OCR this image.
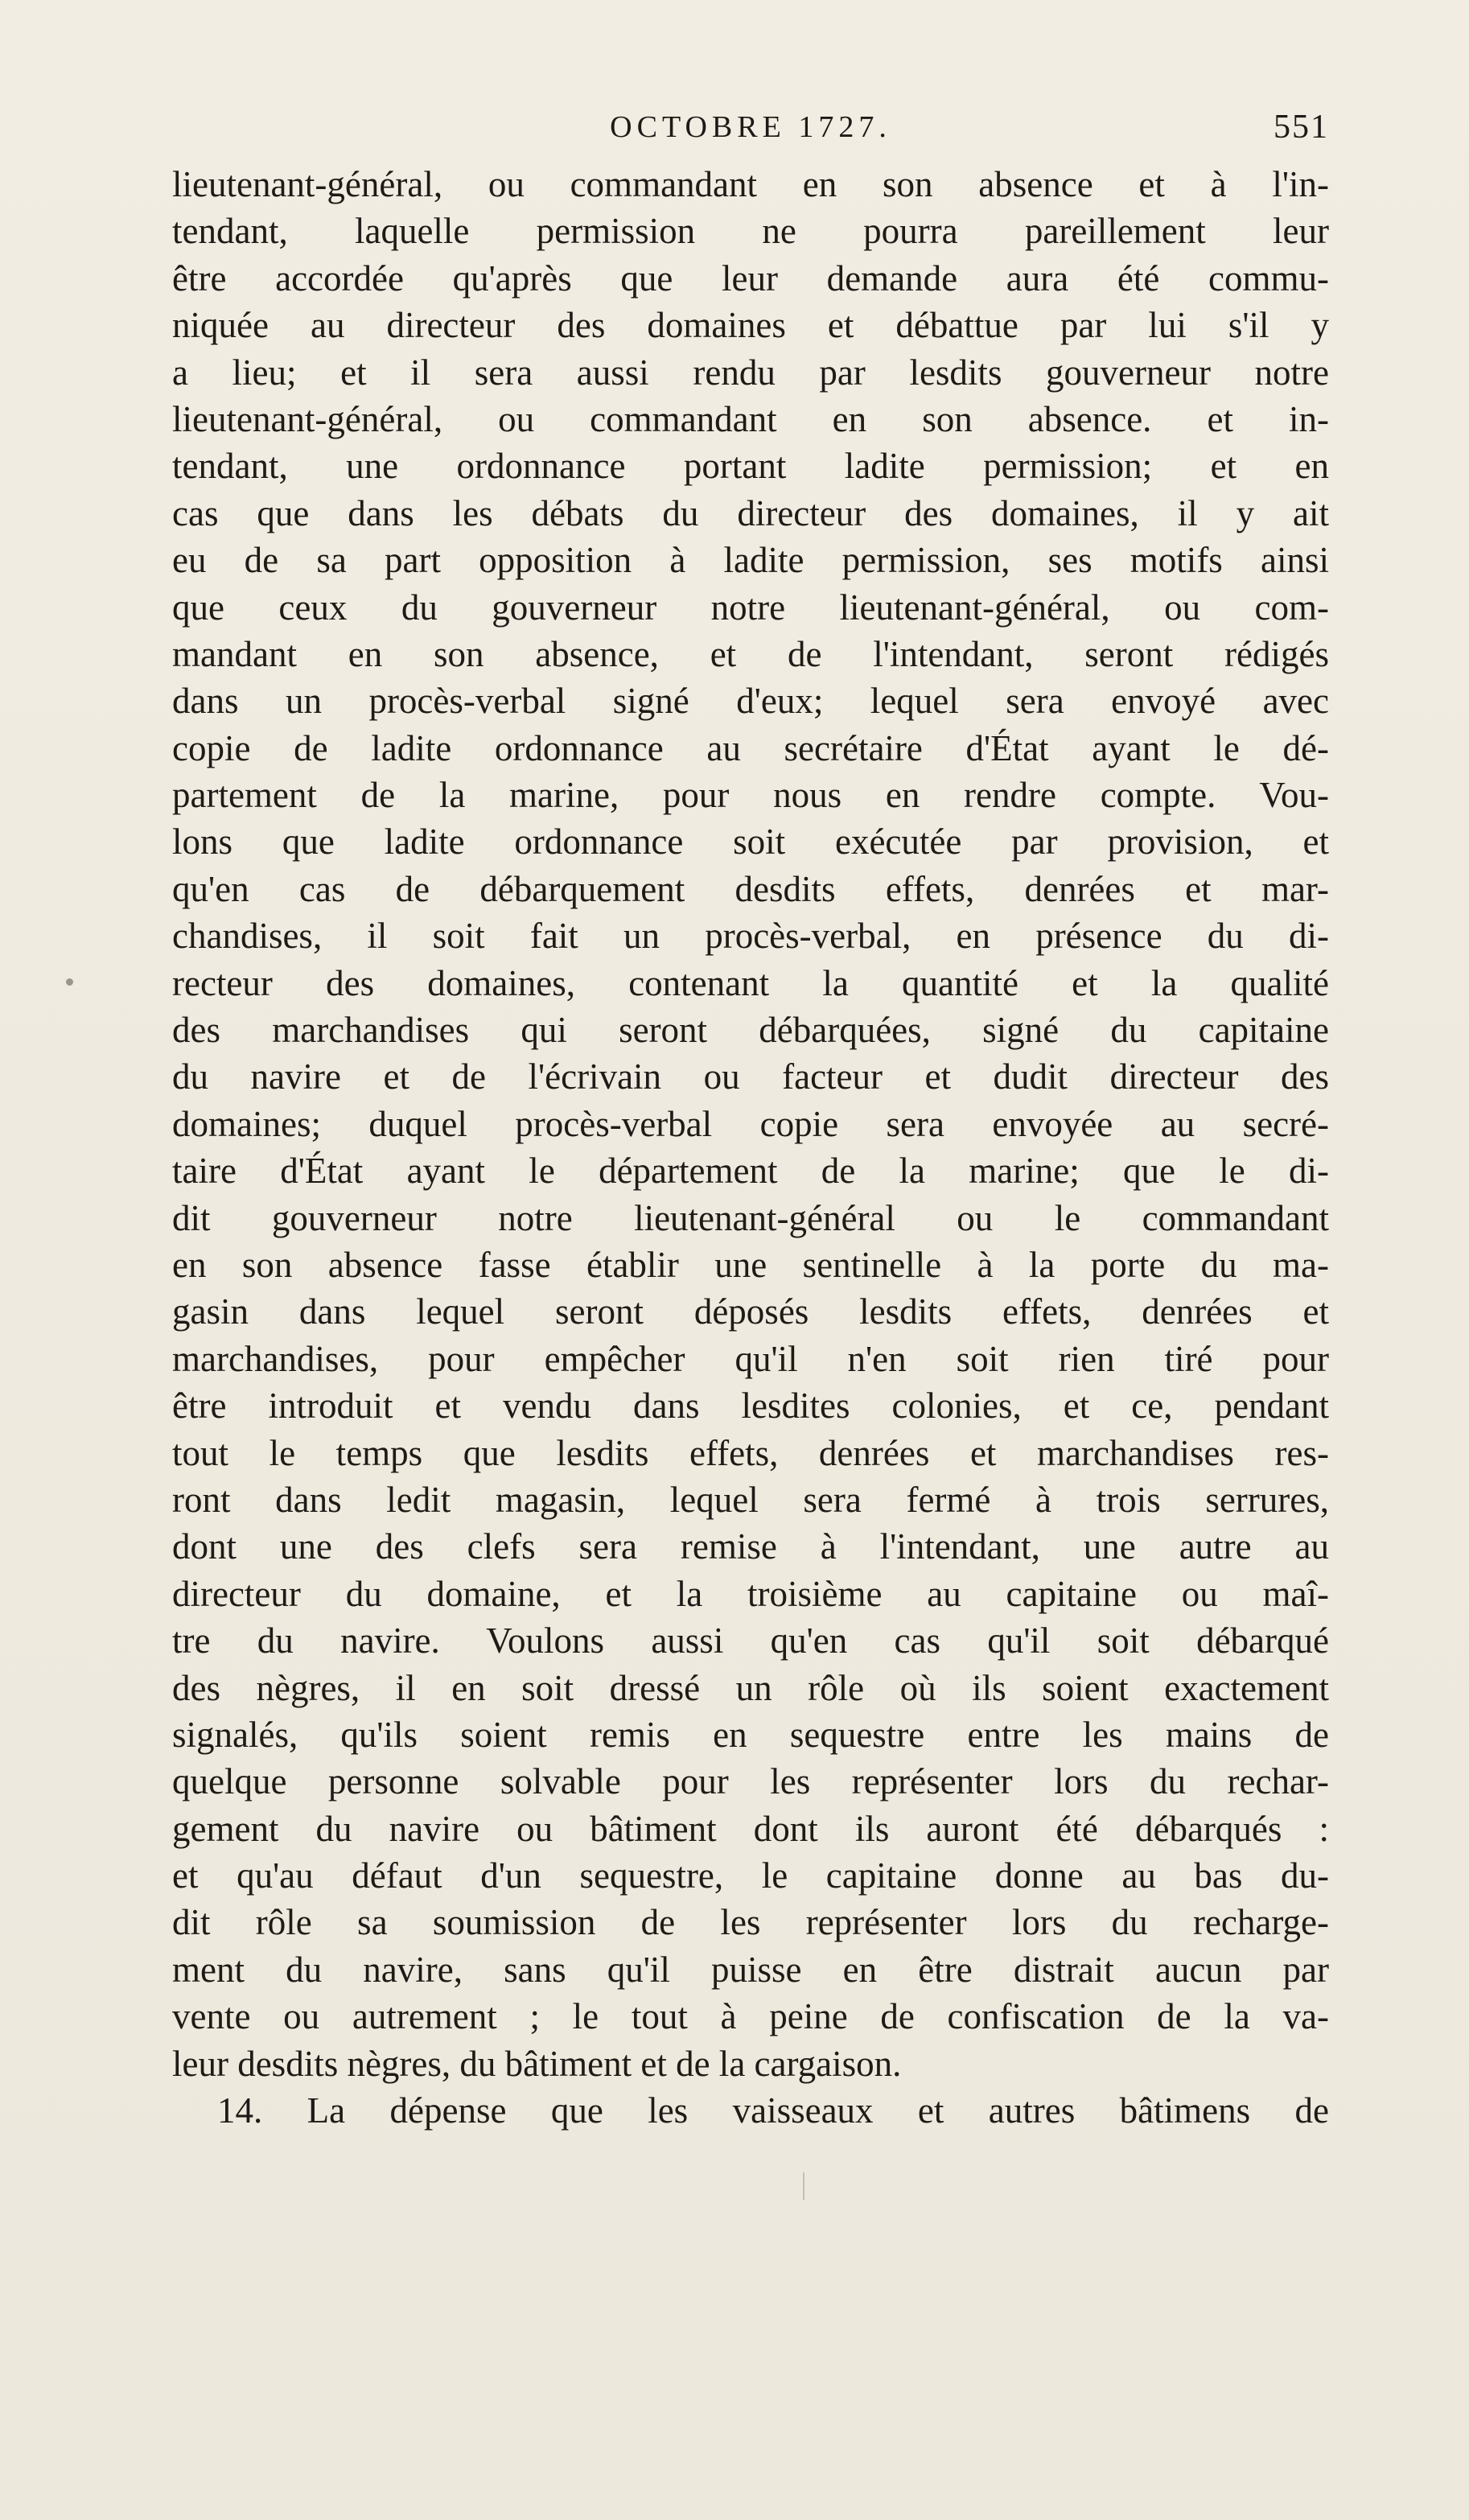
OCTOBRE 1727.	551
lieutenant-général, ou commandant en son absence et à l'in-
tendant, laquelle permission ne pourra pareillement leur
être accordée qu'après que leur demande aura été commu-
niquée au directeur des domaines et débattue par lui s'il y
a lieu; et il sera aussi rendu par lesdits gouverneur notre
lieutenant-général, ou commandant en son absence. et in-
tendant, une ordonnance portant ladite permission; et en
cas que dans les débats du directeur des domaines, il y ait
eu de sa part opposition à ladite permission, ses motifs ainsi
que ceux du gouverneur notre lieutenant-général, ou com-
mandant en son absence, et de l'intendant, seront rédigés
dans un procès-verbal signé d'eux; lequel sera envoyé avec
copie de ladite ordonnance au secrétaire d'État ayant le dé-
partement de la marine, pour nous en rendre compte. Vou-
lons que ladite ordonnance soit exécutée par provision, et
qu'en cas de débarquement desdits effets, denrées et mar-
chandises, il soit fait un procès-verbal, en présence du di-
recteur des domaines, contenant la quantité et la qualité
des marchandises qui seront débarquées, signé du capitaine
du navire et de l'écrivain ou facteur et dudit directeur des
domaines; duquel procès-verbal copie sera envoyée au secré-
taire d'État ayant le département de la marine; que le di-
dit gouverneur notre lieutenant-général ou le commandant
en son absence fasse établir une sentinelle à la porte du ma-
gasin dans lequel seront déposés lesdits effets, denrées et
marchandises, pour empêcher qu'il n'en soit rien tiré pour
être introduit et vendu dans lesdites colonies, et ce, pendant
tout le temps que lesdits effets, denrées et marchandises res-
ront dans ledit magasin, lequel sera fermé à trois serrures,
dont une des clefs sera remise à l'intendant, une autre au
directeur du domaine, et la troisième au capitaine ou maî-
tre du navire. Voulons aussi qu'en cas qu'il soit débarqué
des nègres, il en soit dressé un rôle où ils soient exactement
signalés, qu'ils soient remis en sequestre entre les mains de
quelque personne solvable pour les représenter lors du rechar-
gement du navire ou bâtiment dont ils auront été débarqués :
et qu'au défaut d'un sequestre, le capitaine donne au bas du-
dit rôle sa soumission de les représenter lors du recharge-
ment du navire, sans qu'il puisse en être distrait aucun par
vente ou autrement ; le tout à peine de confiscation de la va-
leur desdits nègres, du bâtiment et de la cargaison.
14. La dépense que les vaisseaux et autres bâtimens de
